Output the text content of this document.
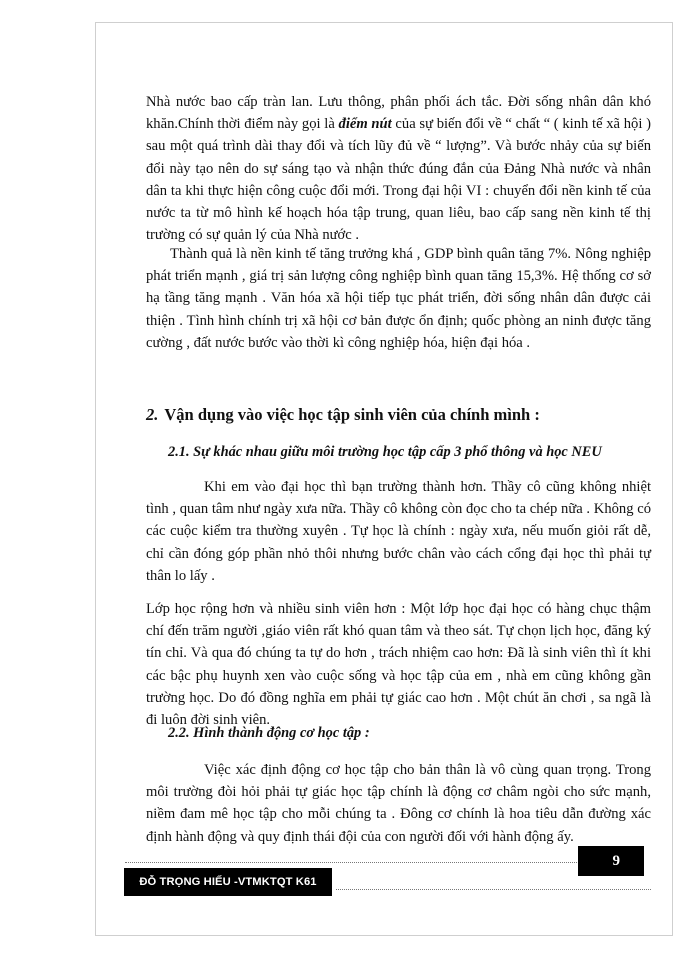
Nhà nước bao cấp tràn lan. Lưu thông, phân phối ách tắc. Đời sống nhân dân khó khăn.Chính thời điểm này gọi là điểm nút của sự biến đổi về “ chất “ ( kinh tế xã hội ) sau một quá trình dài thay đổi và tích lũy đủ về “ lượng”. Và bước nhảy của sự biến đổi này tạo nên do sự sáng tạo và nhận thức đúng đắn của Đảng Nhà nước và nhân dân ta khi thực hiện công cuộc đổi mới. Trong đại hội VI : chuyển đổi nền kinh tế của nước ta từ mô hình kế hoạch hóa tập trung, quan liêu, bao cấp sang nền kinh tế thị trường có sự quản lý của Nhà nước .

Thành quả là nền kinh tế tăng trưởng khá , GDP bình quân tăng 7%. Nông nghiệp phát triển mạnh , giá trị sản lượng công nghiệp bình quan tăng 15,3%. Hệ thống cơ sở hạ tầng tăng mạnh . Văn hóa xã hội tiếp tục phát triển, đời sống nhân dân được cải thiện . Tình hình chính trị xã hội cơ bản được ổn định; quốc phòng an ninh được tăng cường , đất nước bước vào thời kì công nghiệp hóa, hiện đại hóa .

2. Vận dụng vào việc học tập sinh viên của chính mình :
2.1. Sự khác nhau giữu môi trường học tập cấp 3 phổ thông và học NEU

Khi em vào đại học thì bạn trường thành hơn. Thầy cô cũng không nhiệt tình , quan tâm như ngày xưa nữa. Thầy cô không còn đọc cho ta chép nữa . Không có các cuộc kiểm tra thường xuyên . Tự học là chính : ngày xưa, nếu muốn giỏi rất dễ, chỉ cần đóng góp phần nhỏ thôi nhưng bước chân vào cách cổng đại học thì phải tự thân lo lấy .

Lớp học rộng hơn và nhiều sinh viên hơn : Một lớp học đại học có hàng chục thậm chí đến trăm người ,giáo viên rất khó quan tâm và theo sát. Tự chọn lịch học, đăng ký tín chỉ. Và qua đó chúng ta tự do hơn , trách nhiệm cao hơn: Đã là sinh viên thì ít khi các bậc phụ huynh xen vào cuộc sống và học tập của em , nhà em cũng không gần trường học. Do đó đồng nghĩa em phải tự giác cao hơn . Một chút ăn chơi , sa ngã là đi luôn đời sinh viên.

2.2. Hình thành động cơ học tập :

Việc xác định động cơ học tập cho bản thân là vô cùng quan trọng. Trong môi trường đòi hỏi phải tự giác học tập chính là động cơ châm ngòi cho sức mạnh, niềm đam mê học tập cho mỗi chúng ta . Đông cơ chính là hoa tiêu dẫn đường xác định hành động và quy định thái đội của con người đối với hành động ấy.

9
ĐỖ TRỌNG HIẾU -VTMKTQT K61
